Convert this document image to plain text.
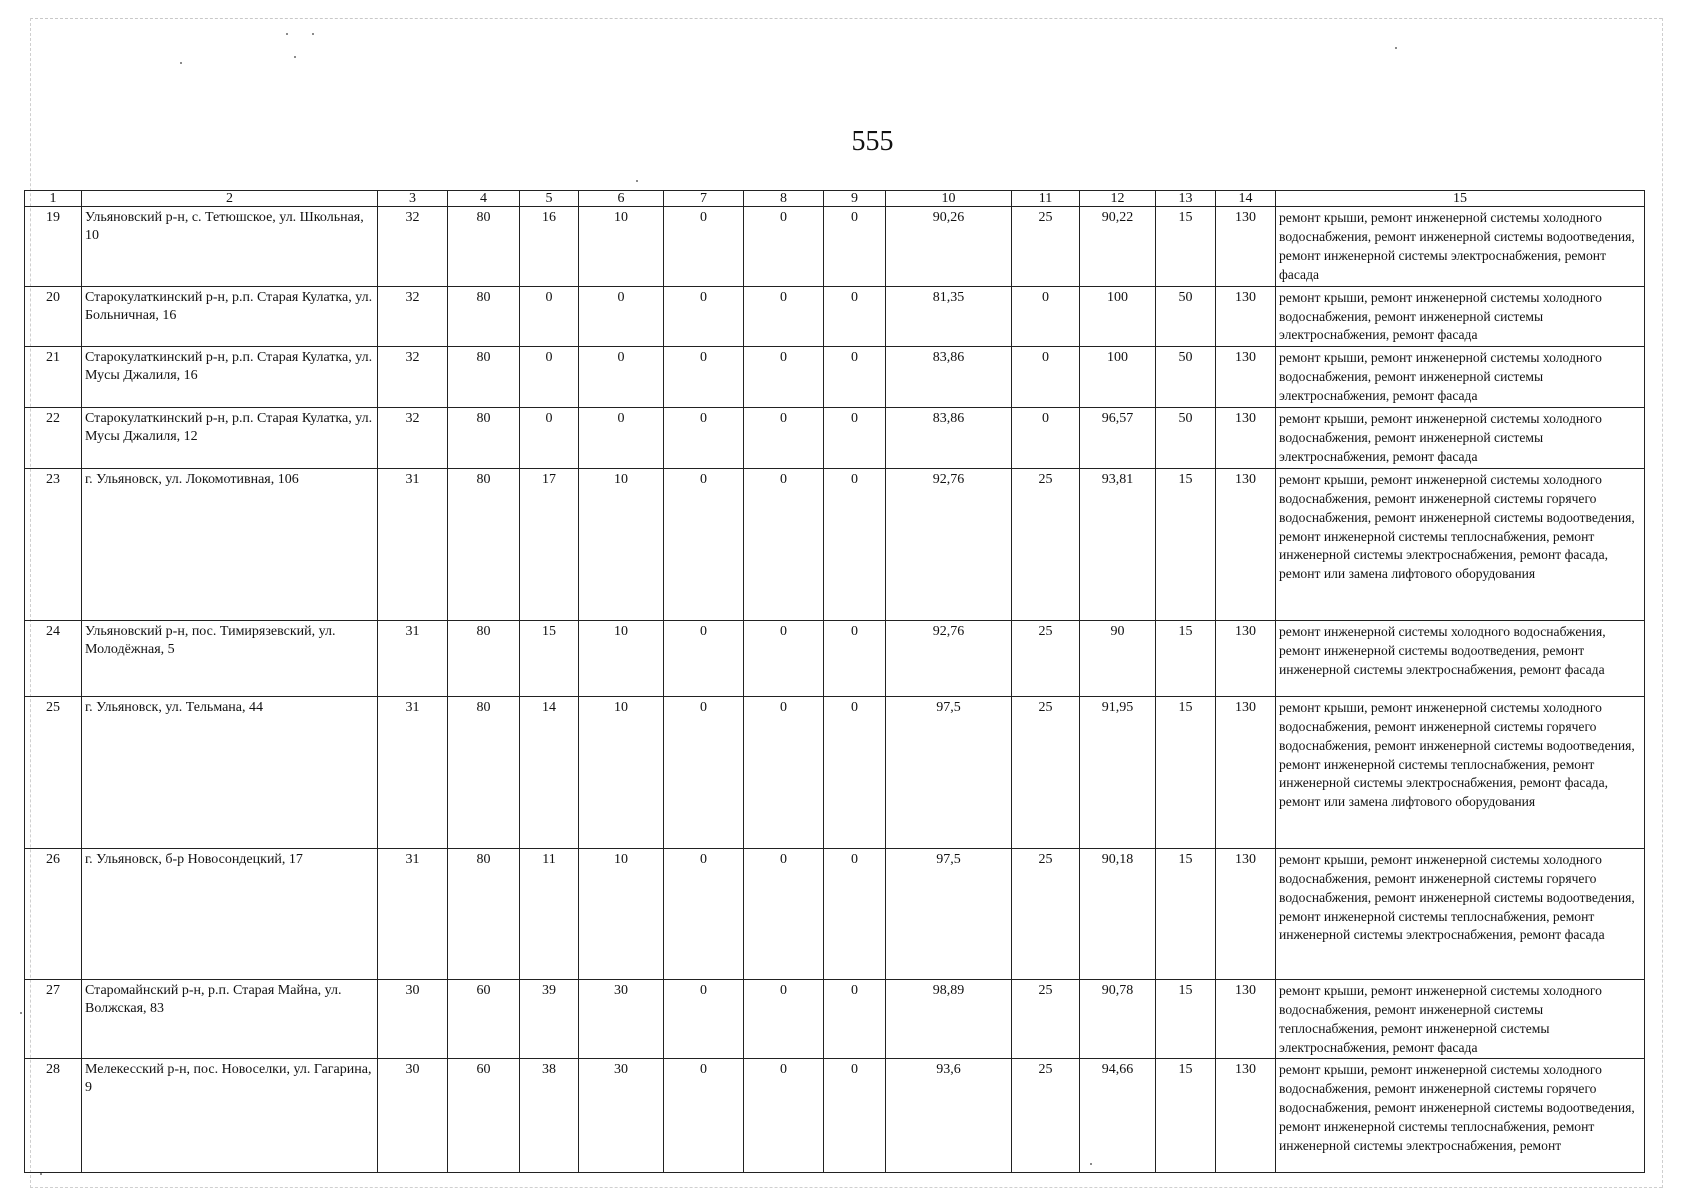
555
1	2	3	4	5	6	7	8	9	10	11	12	13	14	15
19	Ульяновский р-н, с. Тетюшское, ул. Школьная, 10	32	80	16	10	0	0	0	90,26	25	90,22	15	130	ремонт крыши, ремонт инженерной системы холодного водоснабжения, ремонт инженерной системы водоотведения, ремонт инженерной системы электроснабжения, ремонт фасада
20	Старокулаткинский р-н, р.п. Старая Кулатка, ул. Больничная, 16	32	80	0	0	0	0	0	81,35	0	100	50	130	ремонт крыши, ремонт инженерной системы холодного водоснабжения, ремонт инженерной системы электроснабжения, ремонт фасада
21	Старокулаткинский р-н, р.п. Старая Кулатка, ул. Мусы Джалиля, 16	32	80	0	0	0	0	0	83,86	0	100	50	130	ремонт крыши, ремонт инженерной системы холодного водоснабжения, ремонт инженерной системы электроснабжения, ремонт фасада
22	Старокулаткинский р-н, р.п. Старая Кулатка, ул. Мусы Джалиля, 12	32	80	0	0	0	0	0	83,86	0	96,57	50	130	ремонт крыши, ремонт инженерной системы холодного водоснабжения, ремонт инженерной системы электроснабжения, ремонт фасада
23	г. Ульяновск, ул. Локомотивная, 106	31	80	17	10	0	0	0	92,76	25	93,81	15	130	ремонт крыши, ремонт инженерной системы холодного водоснабжения, ремонт инженерной системы горячего водоснабжения, ремонт инженерной системы водоотведения, ремонт инженерной системы теплоснабжения, ремонт инженерной системы электроснабжения, ремонт фасада, ремонт или замена лифтового оборудования
24	Ульяновский р-н, пос. Тимирязевский, ул. Молодёжная, 5	31	80	15	10	0	0	0	92,76	25	90	15	130	ремонт инженерной системы холодного водоснабжения, ремонт инженерной системы водоотведения, ремонт инженерной системы электроснабжения, ремонт фасада
25	г. Ульяновск, ул. Тельмана, 44	31	80	14	10	0	0	0	97,5	25	91,95	15	130	ремонт крыши, ремонт инженерной системы холодного водоснабжения, ремонт инженерной системы горячего водоснабжения, ремонт инженерной системы водоотведения, ремонт инженерной системы теплоснабжения, ремонт инженерной системы электроснабжения, ремонт фасада, ремонт или замена лифтового оборудования
26	г. Ульяновск, б-р Новосондецкий, 17	31	80	11	10	0	0	0	97,5	25	90,18	15	130	ремонт крыши, ремонт инженерной системы холодного водоснабжения, ремонт инженерной системы горячего водоснабжения, ремонт инженерной системы водоотведения, ремонт инженерной системы теплоснабжения, ремонт инженерной системы электроснабжения, ремонт фасада
27	Старомайнский р-н, р.п. Старая Майна, ул. Волжская, 83	30	60	39	30	0	0	0	98,89	25	90,78	15	130	ремонт крыши, ремонт инженерной системы холодного водоснабжения, ремонт инженерной системы теплоснабжения, ремонт инженерной системы электроснабжения, ремонт фасада
28	Мелекесский р-н, пос. Новоселки, ул. Гагарина, 9	30	60	38	30	0	0	0	93,6	25	94,66	15	130	ремонт крыши, ремонт инженерной системы холодного водоснабжения, ремонт инженерной системы горячего водоснабжения, ремонт инженерной системы водоотведения, ремонт инженерной системы теплоснабжения, ремонт инженерной системы электроснабжения, ремонт
